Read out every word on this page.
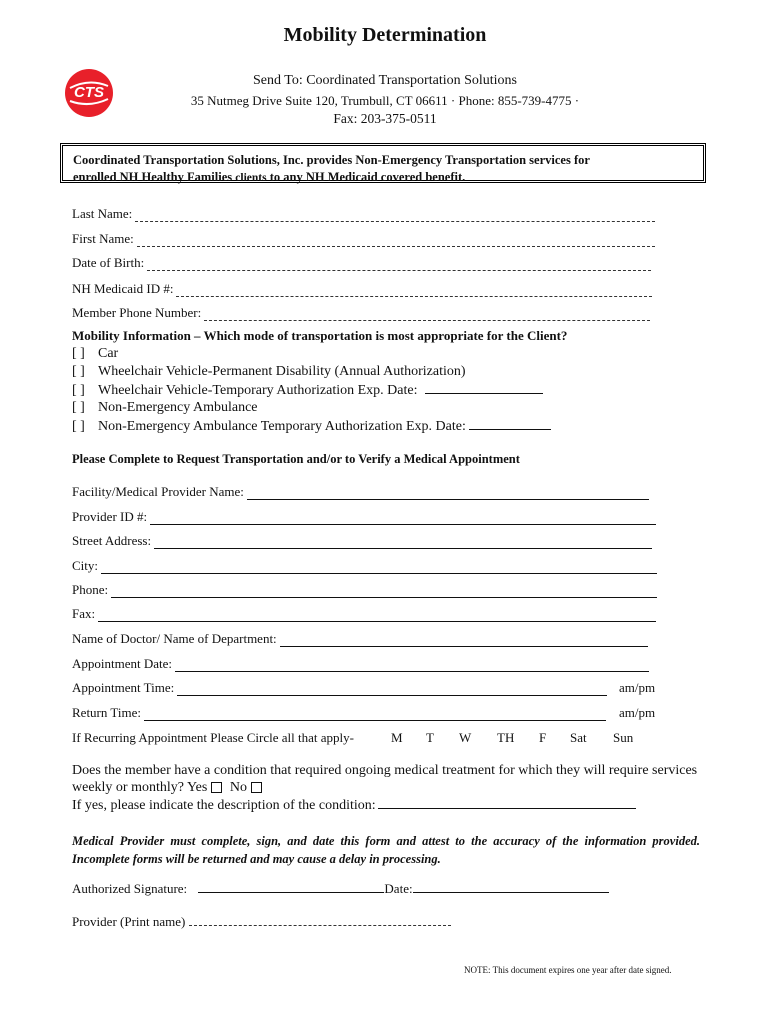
Mobility Determination
CTS
Send To: Coordinated Transportation Solutions
35 Nutmeg Drive Suite 120, Trumbull, CT 06611 · Phone: 855-739-4775 ·
Fax: 203-375-0511
Coordinated Transportation Solutions, Inc. provides Non-Emergency Transportation services for
enrolled NH Healthy Families clients to any NH Medicaid covered benefit.
Last Name:
First Name:
Date of Birth:
NH Medicaid ID #:
Member Phone Number:
Mobility Information – Which mode of transportation is most appropriate for the Client?
[ ] Car
[ ] Wheelchair Vehicle-Permanent Disability (Annual Authorization)
[ ] Wheelchair Vehicle-Temporary Authorization Exp. Date:
[ ] Non-Emergency Ambulance
[ ] Non-Emergency Ambulance Temporary Authorization Exp. Date:
Please Complete to Request Transportation and/or to Verify a Medical Appointment
Facility/Medical Provider Name:
Provider ID #:
Street Address:
City:
Phone:
Fax:
Name of Doctor/ Name of Department:
Appointment Date:
Appointment Time:	am/pm
Return Time:	am/pm
If Recurring Appointment Please Circle all that apply-	M T W TH F Sat Sun
Does the member have a condition that required ongoing medical treatment for which they will require services weekly or monthly? Yes No
If yes, please indicate the description of the condition:
Medical Provider must complete, sign, and date this form and attest to the accuracy of the information provided. Incomplete forms will be returned and may cause a delay in processing.
Authorized Signature:	Date:
Provider (Print name)
NOTE: This document expires one year after date signed.
